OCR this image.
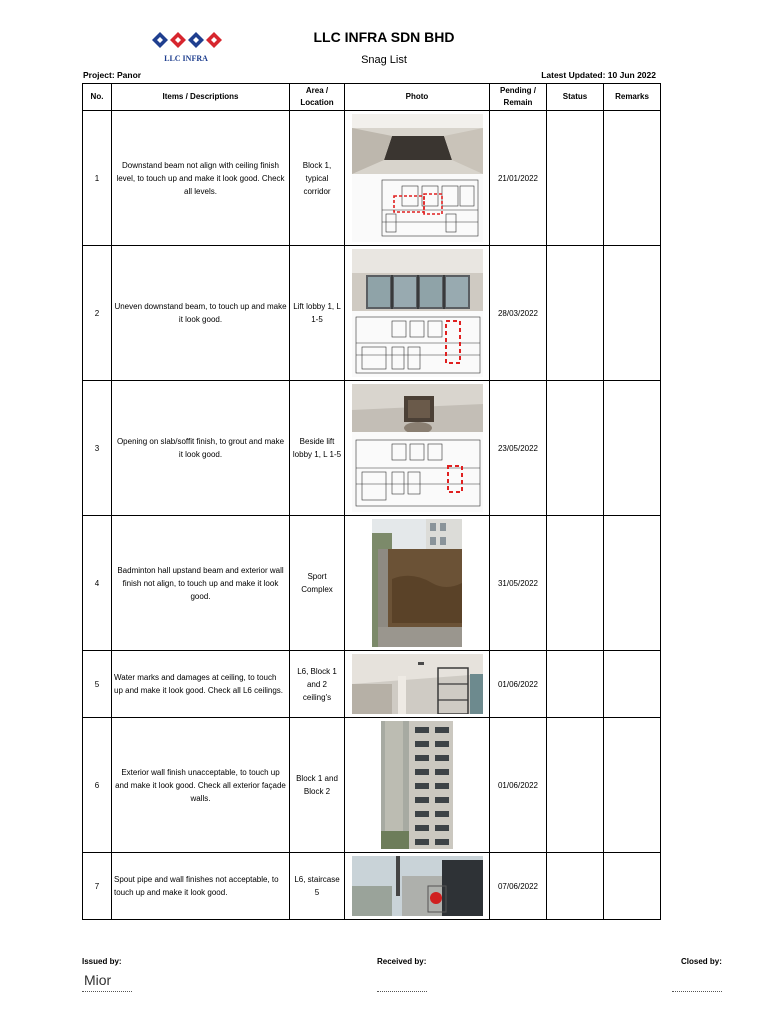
LLC INFRA
LLC INFRA SDN BHD
Snag List
Project: Panor	Latest Updated: 10 Jun 2022
No.	Items / Descriptions	Area / Location	Photo	Pending / Remain	Status	Remarks
1	Downstand beam not align with ceiling finish level, to touch up and make it look good. Check all levels.	Block 1, typical corridor		21/01/2022		
2	Uneven downstand beam, to touch up and make it look good.	Lift lobby 1, L 1-5		28/03/2022		
3	Opening on slab/soffit finish, to grout and make it look good.	Beside lift lobby 1, L 1-5		23/05/2022		
4	Badminton hall upstand beam and exterior wall finish not align, to touch up and make it look good.	Sport Complex		31/05/2022		
5	Water marks and damages at ceiling, to touch up and make it look good. Check all L6 ceilings.	L6, Block 1 and 2 ceiling's		01/06/2022		
6	Exterior wall finish unacceptable, to touch up and make it look good. Check all exterior façade walls.	Block 1 and Block 2		01/06/2022		
7	Spout pipe and wall finishes not acceptable, to touch up and make it look good.	L6, staircase 5		07/06/2022		
Issued by:	Received by:	Closed by:
Mior
